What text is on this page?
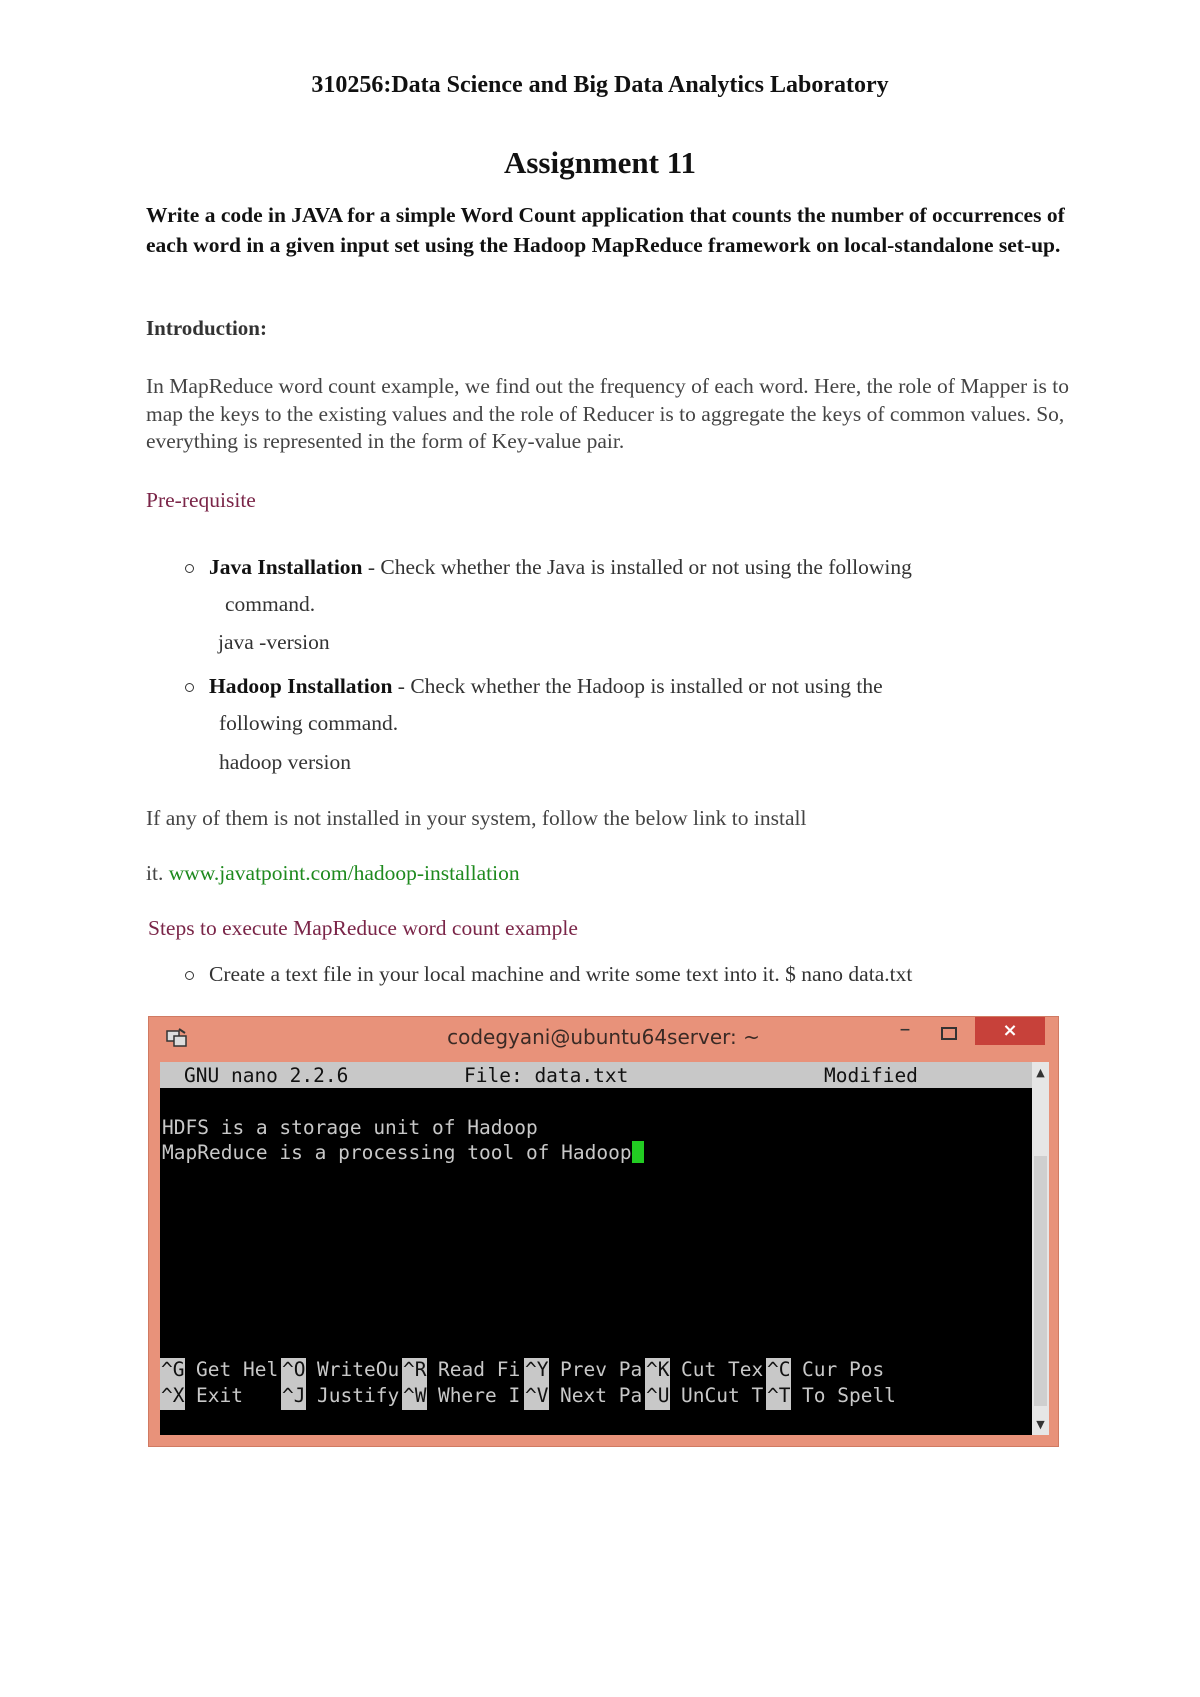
310256:Data Science and Big Data Analytics Laboratory
Assignment 11
Write a code in JAVA for a simple Word Count application that counts the number of occurrences of each word in a given input set using the Hadoop MapReduce framework on local-standalone set-up.
Introduction:
In MapReduce word count example, we find out the frequency of each word. Here, the role of Mapper is to map the keys to the existing values and the role of Reducer is to aggregate the keys of common values. So, everything is represented in the form of Key-value pair.
Pre-requisite
Java Installation - Check whether the Java is installed or not using the following
command.
java -version
Hadoop Installation - Check whether the Hadoop is installed or not using the
following command.
hadoop version
If any of them is not installed in your system, follow the below link to install
it. www.javatpoint.com/hadoop-installation
Steps to execute MapReduce word count example
Create a text file in your local machine and write some text into it. $ nano data.txt
codegyani@ubuntu64server: ~	–	×
GNU nano 2.2.6	File: data.txt	Modified
HDFS is a storage unit of Hadoop
MapReduce is a processing tool of Hadoop
^G Get Hel ^O WriteOu ^R Read Fi ^Y Prev Pa ^K Cut Tex ^C Cur Pos
^X Exit ^J Justify ^W Where I ^V Next Pa ^U UnCut T ^T To Spell
▲
▼
